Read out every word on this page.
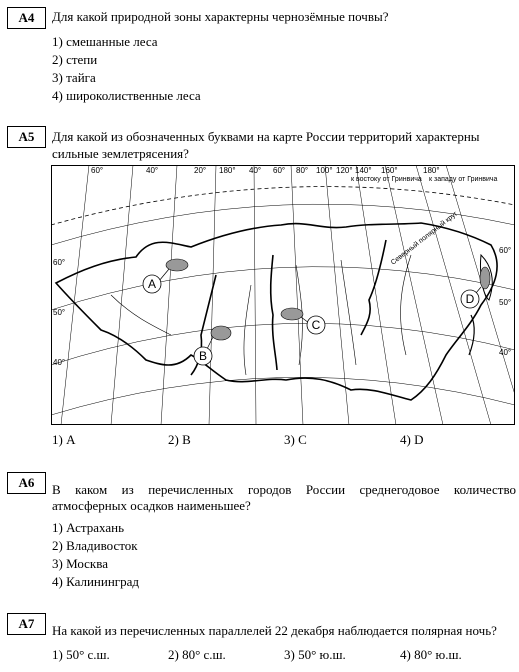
A4	Для какой природной зоны характерны чернозёмные почвы?
1) смешанные леса
2) степи
3) тайга
4) широколиственные леса
A5	Для какой из обозначенных буквами на карте России территорий характерны
сильные землетрясения?
60°	40°	20° 180° 40° 60° 80° 100° 120° 140° 160°	180°
к востоку от Гринвича к западу от Гринвича
60°
50°
40°
60°
50°
40°
Северный полярный круг
A
B
C
D
1) А	2) В	3) С	4) D
A6	В каком из перечисленных городов России среднегодовое количество
атмосферных осадков наименьшее?
1) Астрахань
2) Владивосток
3) Москва
4) Калининград
A7	На какой из перечисленных параллелей 22 декабря наблюдается полярная ночь?
1) 50° с.ш.	2) 80° с.ш.	3) 50° ю.ш.	4) 80° ю.ш.
